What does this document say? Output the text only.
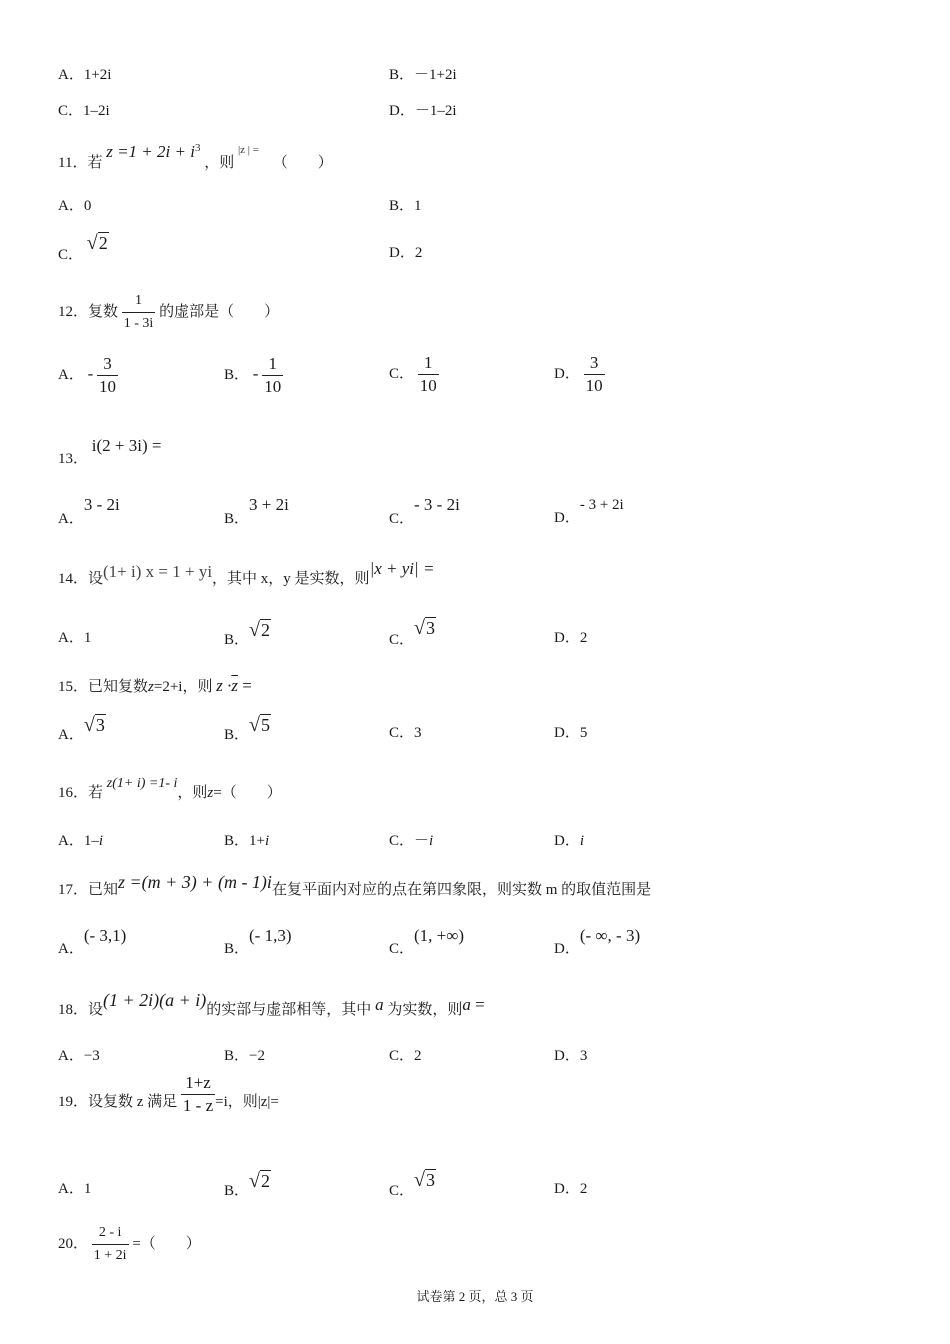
A．1+2i	B．－1+2i
C．1–2i	D．－1–2i
11．若 $z =1 + 2i + i^3$ ，则 $^{|z | =}$ （　　）
A．0	B．1
C． √2	D．2
12．复数 $\frac{1}{1 - 3i}$ 的虚部是（　　）
A． - $\frac{3}{10}$	B． - $\frac{1}{10}$	C． $\frac{1}{10}$	D． $\frac{3}{10}$
13． i(2 + 3i) =
A．3 - 2i
B．3 + 2i
C．- 3 - 2i
D．- 3 + 2i
14．设(1+ i) x = 1 + yi，其中 x，y 是实数，则|x + yi| =
A．1	B．√2	C．√3	D．2
15．已知复数z=2+i，则 $z \cdot\overline{z}$ =
A．√3	B．√5	C．3	D．5
16．若 z(1+ i) =1- i，则z=（　　）
A．1–i	B．1+i	C．－i	D．i
17．已知z =(m + 3) + (m - 1)i在复平面内对应的点在第四象限，则实数 m 的取值范围是
A．(- 3,1)
B．(- 1,3)
C．(1, +∞)
D．(- ∞, - 3)
18．设(1 + 2i)(a + i)的实部与虚部相等，其中 a 为实数，则a =
A．−3	B．−2	C．2	D．3
19．设复数 z 满足 $\frac{1+z}{1 - z} =i$，则|z|=
A．1	B．√2	C．√3	D．2
20． $\frac{2 - i}{1 + 2i}$ =（　　）
试卷第 2 页，总 3 页
